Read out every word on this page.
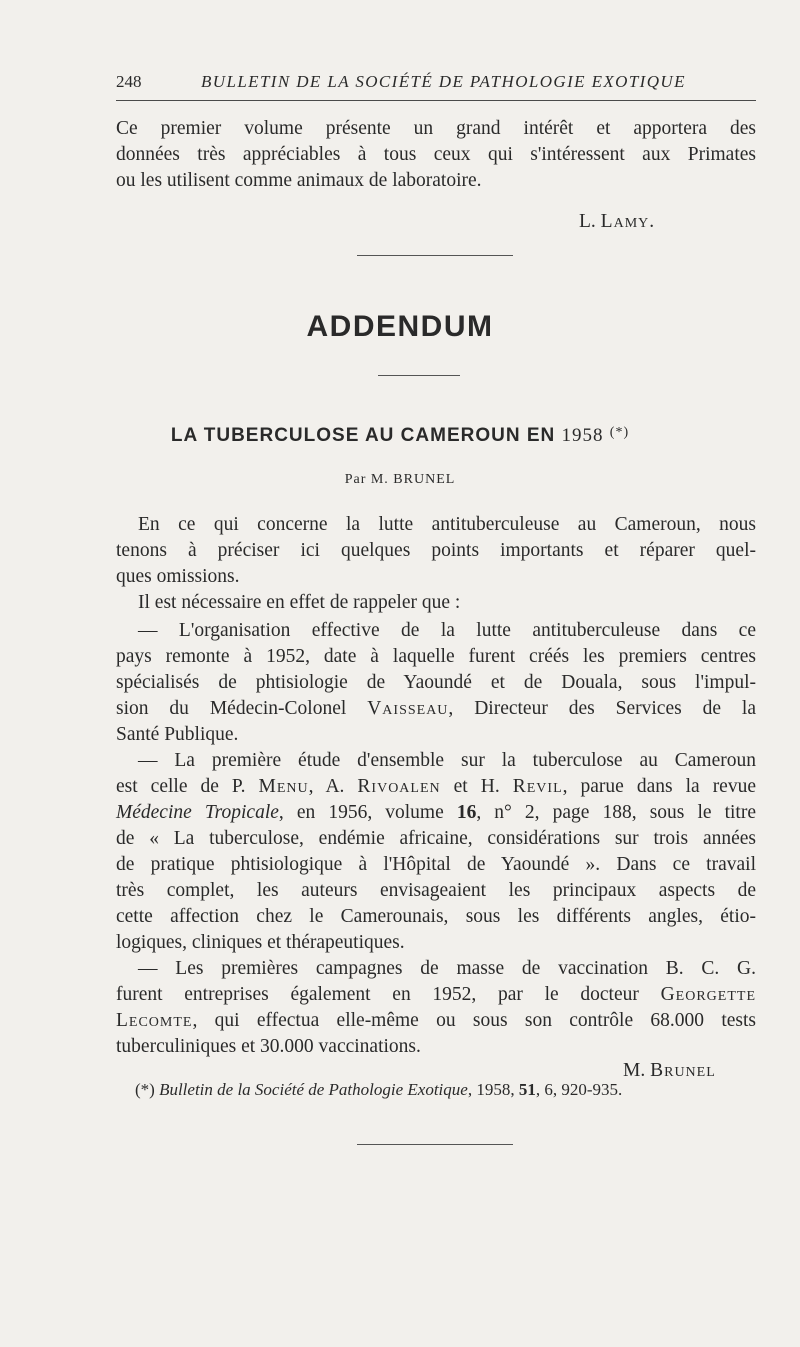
248	BULLETIN DE LA SOCIÉTÉ DE PATHOLOGIE EXOTIQUE
Ce premier volume présente un grand intérêt et apportera des
données très appréciables à tous ceux qui s'intéressent aux Primates
ou les utilisent comme animaux de laboratoire.
L. Lamy.
ADDENDUM
LA TUBERCULOSE AU CAMEROUN EN 1958 (*)
Par M. BRUNEL
En ce qui concerne la lutte antituberculeuse au Cameroun, nous
tenons à préciser ici quelques points importants et réparer quel-
ques omissions.
Il est nécessaire en effet de rappeler que :
— L'organisation effective de la lutte antituberculeuse dans ce
pays remonte à 1952, date à laquelle furent créés les premiers centres
spécialisés de phtisiologie de Yaoundé et de Douala, sous l'impul-
sion du Médecin-Colonel Vaisseau, Directeur des Services de la
Santé Publique.
— La première étude d'ensemble sur la tuberculose au Cameroun
est celle de P. Menu, A. Rivoalen et H. Revil, parue dans la revue
Médecine Tropicale, en 1956, volume 16, n° 2, page 188, sous le titre
de « La tuberculose, endémie africaine, considérations sur trois années
de pratique phtisiologique à l'Hôpital de Yaoundé ». Dans ce travail
très complet, les auteurs envisageaient les principaux aspects de
cette affection chez le Camerounais, sous les différents angles, étio-
logiques, cliniques et thérapeutiques.
— Les premières campagnes de masse de vaccination B. C. G.
furent entreprises également en 1952, par le docteur Georgette
Lecomte, qui effectua elle-même ou sous son contrôle 68.000 tests
tuberculiniques et 30.000 vaccinations.
M. Brunel
(*) Bulletin de la Société de Pathologie Exotique, 1958, 51, 6, 920-935.
